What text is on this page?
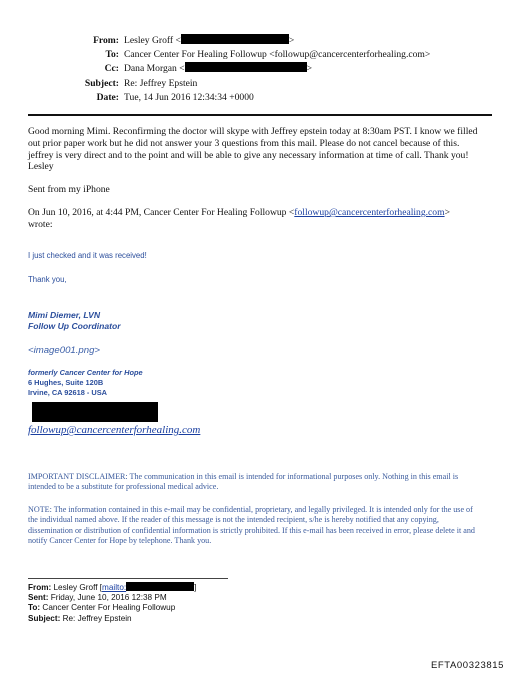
From: Lesley Groff <	>
To: Cancer Center For Healing Followup <followup@cancercenterforhealing.com>
Cc: Dana Morgan <	>
Subject: Re: Jeffrey Epstein
Date: Tue, 14 Jun 2016 12:34:34 +0000

Good morning Mimi. Reconfirming the doctor will skype with Jeffrey epstein today at 8:30am PST. I know we filled out prior paper work but he did not answer your 3 questions from this mail. Please do not cancel because of this. jeffrey is very direct and to the point and will be able to give any necessary information at time of call. Thank you! Lesley

Sent from my iPhone

On Jun 10, 2016, at 4:44 PM, Cancer Center For Healing Followup <followup@cancercenterforhealing.com>

wrote:

I just checked and it was received!
Thank you,
Mimi Diemer, LVN
Follow Up Coordinator
<image001.png>
formerly Cancer Center for Hope
6 Hughes, Suite 120B
Irvine, CA 92618 - USA
followup@cancercenterforhealing.com

IMPORTANT DISCLAIMER: The communication in this email is intended for informational purposes only. Nothing in this email is intended to be a substitute for professional medical advice.

NOTE: The information contained in this e-mail may be confidential, proprietary, and legally privileged. It is intended only for the use of the individual named above. If the reader of this message is not the intended recipient, s/he is hereby notified that any copying, dissemination or distribution of confidential information is strictly prohibited. If this e-mail has been received in error, please delete it and notify Cancer Center for Hope by telephone. Thank you.

From: Lesley Groff [mailto:	]
Sent: Friday, June 10, 2016 12:38 PM
To: Cancer Center For Healing Followup
Subject: Re: Jeffrey Epstein
EFTA00323815
